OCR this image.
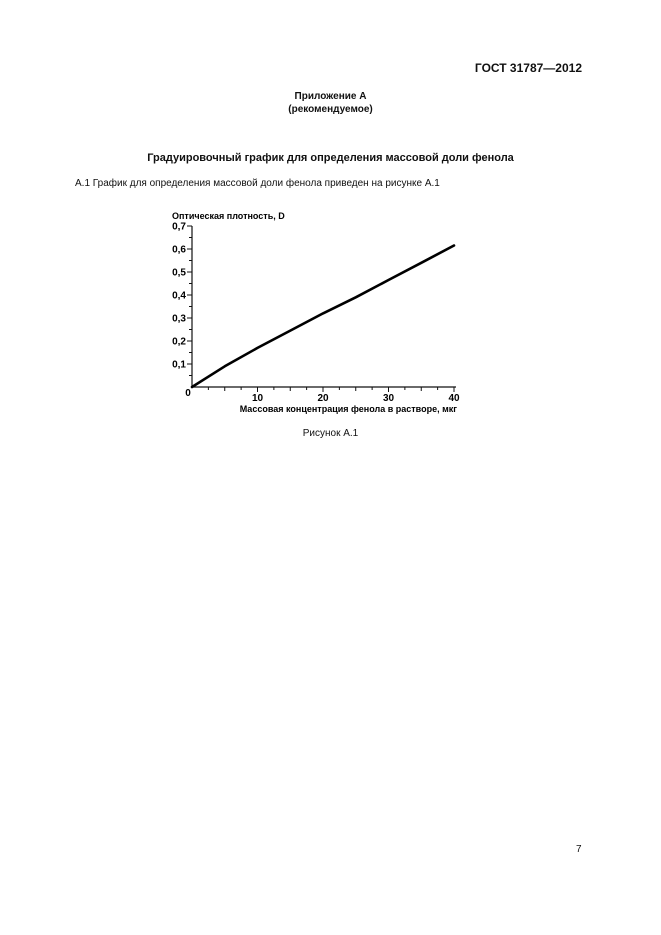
ГОСТ 31787—2012
Приложение А
(рекомендуемое)
Градуировочный график для определения массовой доли фенола
А.1 График для определения массовой доли фенола приведен на рисунке А.1
0,1
0,2
0,3
0,4
0,5
0,6
0,7
10	20	30	40
0
Оптическая плотность, D
Массовая концентрация фенола в растворе, мкг
Рисунок А.1
7
